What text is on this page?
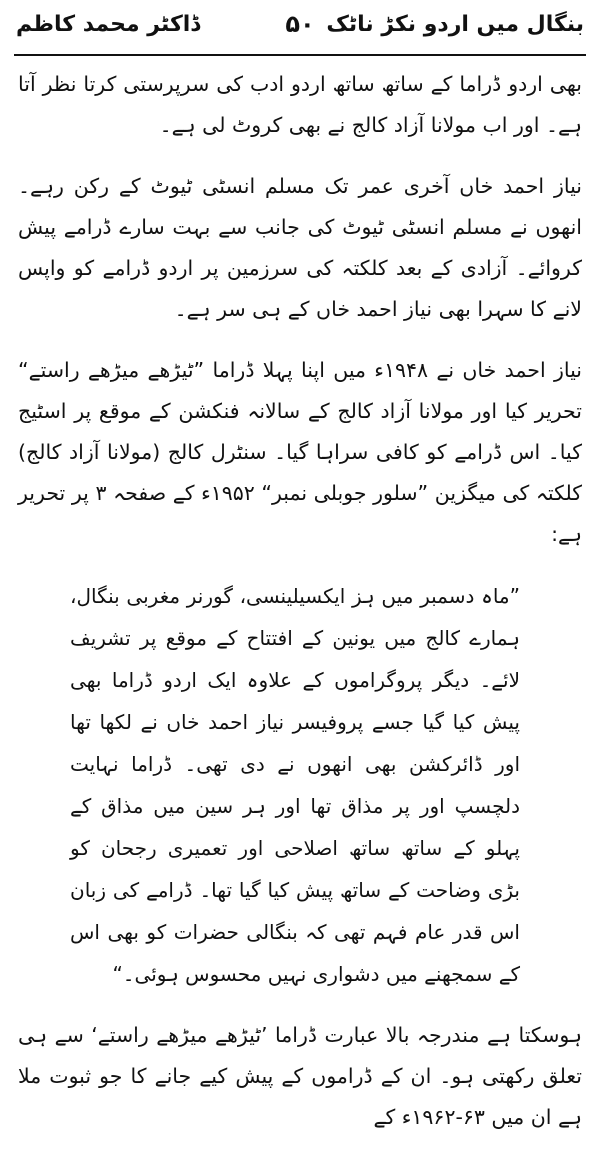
بنگال میں اردو نکڑ ناٹک
۵۰
ڈاکٹر محمد کاظم

بھی اردو ڈراما کے ساتھ ساتھ اردو ادب کی سرپرستی کرتا نظر آتا ہے۔ اور اب مولانا آزاد کالج نے بھی کروٹ لی ہے۔

نیاز احمد خاں آخری عمر تک مسلم انسٹی ٹیوٹ کے رکن رہے۔ انھوں نے مسلم انسٹی ٹیوٹ کی جانب سے بہت سارے ڈرامے پیش کروائے۔ آزادی کے بعد کلکتہ کی سرزمین پر اردو ڈرامے کو واپس لانے کا سہرا بھی نیاز احمد خاں کے ہی سر ہے۔

نیاز احمد خاں نے ۱۹۴۸ء میں اپنا پہلا ڈراما ”ٹیڑھے میڑھے راستے“ تحریر کیا اور مولانا آزاد کالج کے سالانہ فنکشن کے موقع پر اسٹیج کیا۔ اس ڈرامے کو کافی سراہا گیا۔ سنٹرل کالج (مولانا آزاد کالج) کلکتہ کی میگزین ”سلور جوبلی نمبر“ ۱۹۵۲ء کے صفحہ ۳ پر تحریر ہے:

”ماہ دسمبر میں ہز ایکسیلینسی، گورنر مغربی بنگال، ہمارے کالج میں یونین کے افتتاح کے موقع پر تشریف لائے۔ دیگر پروگراموں کے علاوہ ایک اردو ڈراما بھی پیش کیا گیا جسے پروفیسر نیاز احمد خاں نے لکھا تھا اور ڈائرکشن بھی انھوں نے دی تھی۔ ڈراما نہایت دلچسپ اور پر مذاق تھا اور ہر سین میں مذاق کے پہلو کے ساتھ ساتھ اصلاحی اور تعمیری رجحان کو بڑی وضاحت کے ساتھ پیش کیا گیا تھا۔ ڈرامے کی زبان اس قدر عام فہم تھی کہ بنگالی حضرات کو بھی اس کے سمجھنے میں دشواری نہیں محسوس ہوئی۔“

ہوسکتا ہے مندرجہ بالا عبارت ڈراما ’ٹیڑھے میڑھے راستے‘ سے ہی تعلق رکھتی ہو۔ ان کے ڈراموں کے پیش کیے جانے کا جو ثبوت ملا ہے ان میں ۶۳-۱۹۶۲ء کے
